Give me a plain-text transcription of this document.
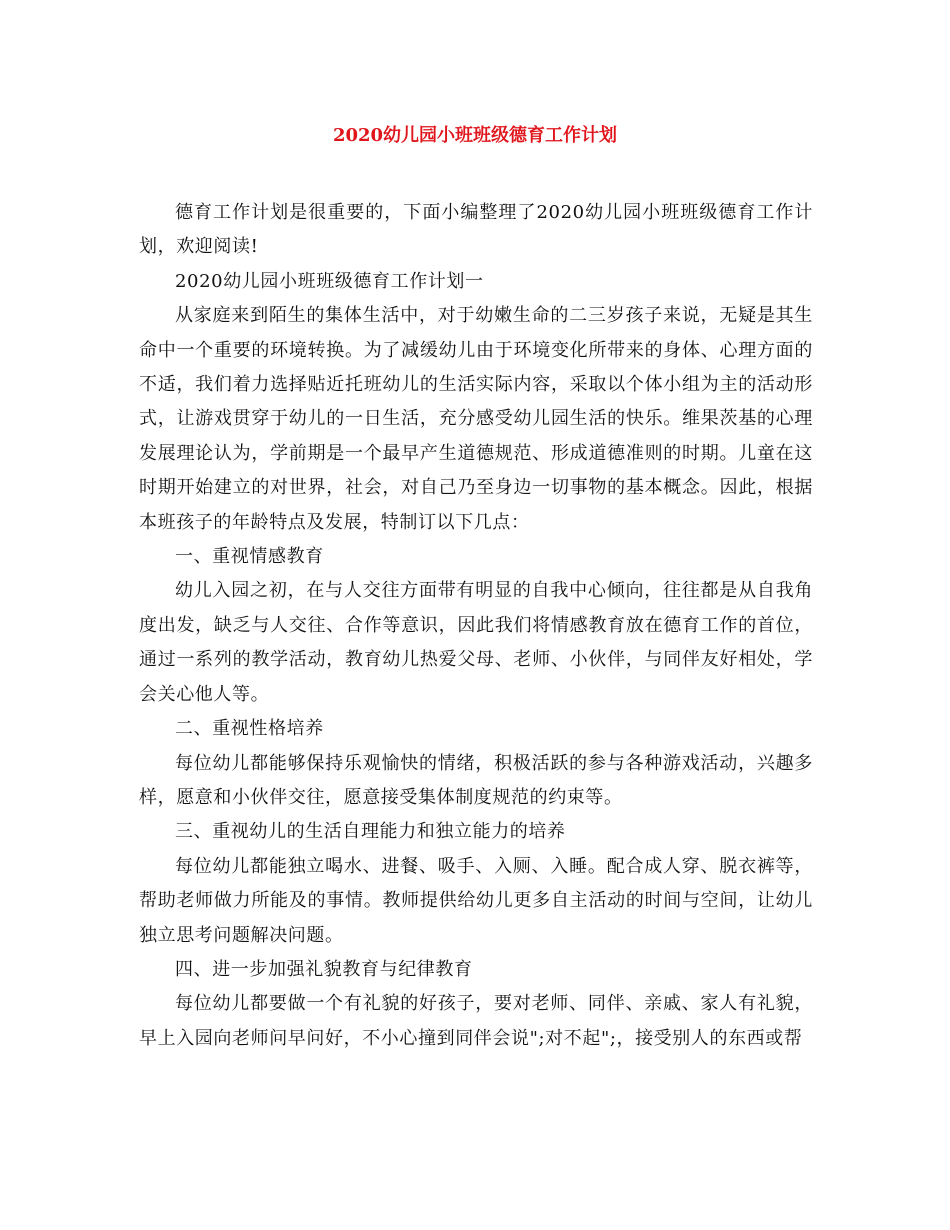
2020幼儿园小班班级德育工作计划

德育工作计划是很重要的，下面小编整理了2020幼儿园小班班级德育工作计划，欢迎阅读!

2020幼儿园小班班级德育工作计划一

从家庭来到陌生的集体生活中，对于幼嫩生命的二三岁孩子来说，无疑是其生命中一个重要的环境转换。为了减缓幼儿由于环境变化所带来的身体、心理方面的不适，我们着力选择贴近托班幼儿的生活实际内容，采取以个体小组为主的活动形式，让游戏贯穿于幼儿的一日生活，充分感受幼儿园生活的快乐。维果茨基的心理发展理论认为，学前期是一个最早产生道德规范、形成道德准则的时期。儿童在这时期开始建立的对世界，社会，对自己乃至身边一切事物的基本概念。因此，根据本班孩子的年龄特点及发展，特制订以下几点：

一、重视情感教育

幼儿入园之初，在与人交往方面带有明显的自我中心倾向，往往都是从自我角度出发，缺乏与人交往、合作等意识，因此我们将情感教育放在德育工作的首位，通过一系列的教学活动，教育幼儿热爱父母、老师、小伙伴，与同伴友好相处，学会关心他人等。

二、重视性格培养

每位幼儿都能够保持乐观愉快的情绪，积极活跃的参与各种游戏活动，兴趣多样，愿意和小伙伴交往，愿意接受集体制度规范的约束等。

三、重视幼儿的生活自理能力和独立能力的培养

每位幼儿都能独立喝水、进餐、吸手、入厕、入睡。配合成人穿、脱衣裤等，帮助老师做力所能及的事情。教师提供给幼儿更多自主活动的时间与空间，让幼儿独立思考问题解决问题。

四、进一步加强礼貌教育与纪律教育

每位幼儿都要做一个有礼貌的好孩子，要对老师、同伴、亲戚、家人有礼貌，早上入园向老师问早问好，不小心撞到同伴会说";对不起";，接受别人的东西或帮
